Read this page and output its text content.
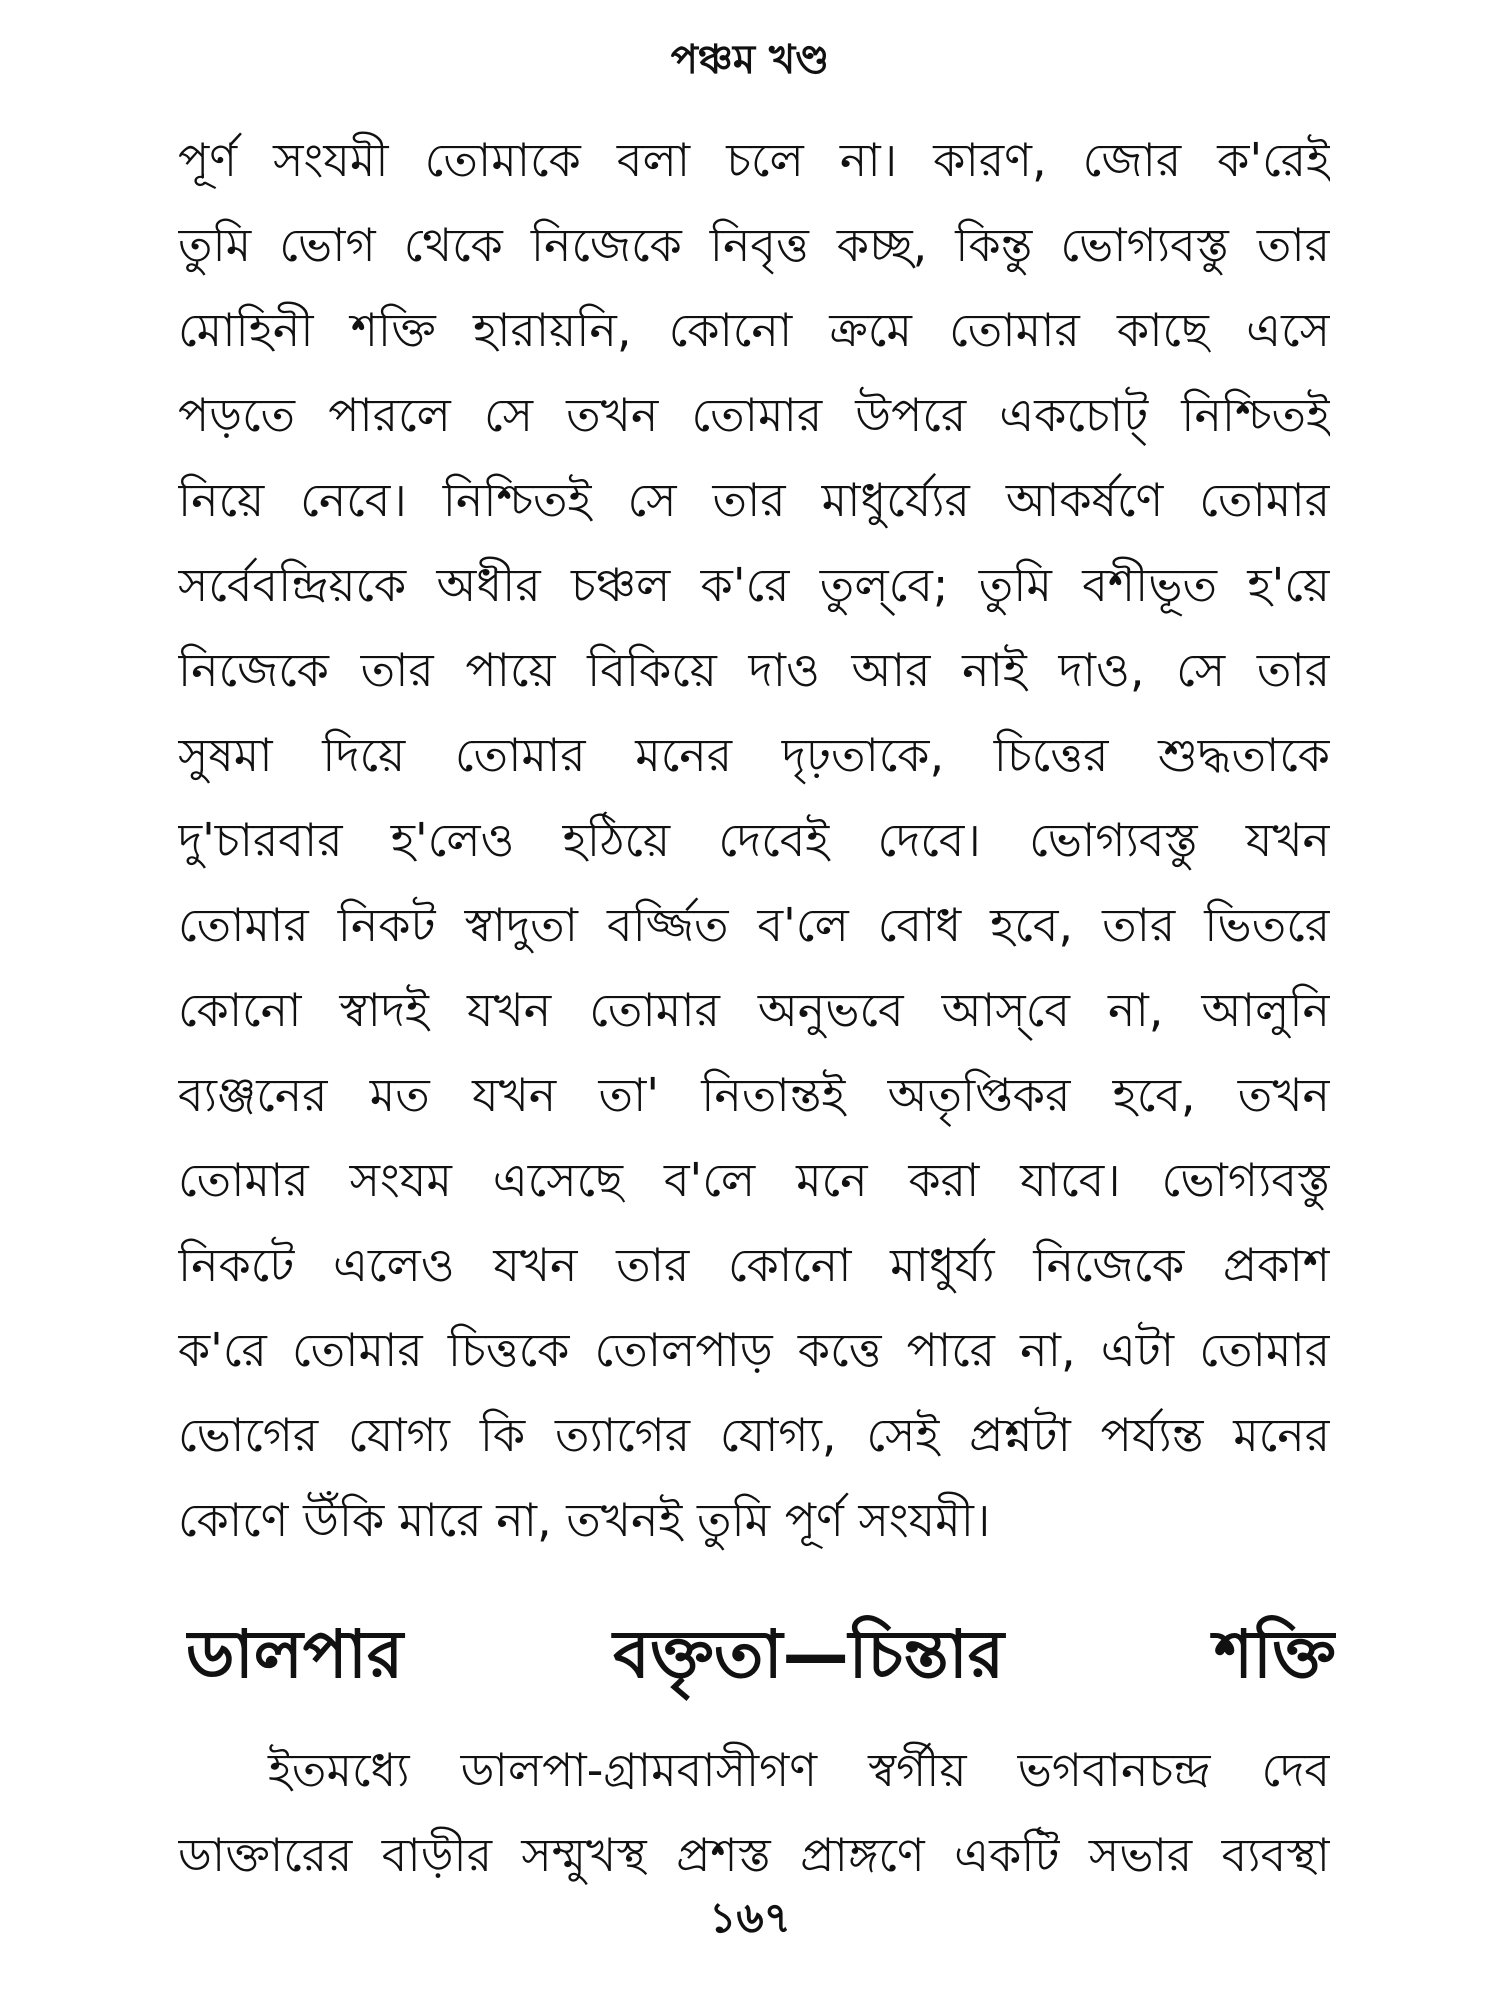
পঞ্চম খণ্ড
পূর্ণ সংযমী তোমাকে বলা চলে না। কারণ, জোর ক'রেই
তুমি ভোগ থেকে নিজেকে নিবৃত্ত কচ্ছ, কিন্তু ভোগ্যবস্তু তার
মোহিনী শক্তি হারায়নি, কোনো ক্রমে তোমার কাছে এসে
পড়তে পারলে সে তখন তোমার উপরে একচোট্ নিশ্চিতই
নিয়ে নেবে। নিশ্চিতই সে তার মাধুর্য্যের আকর্ষণে তোমার
সর্বেবন্দ্রিয়কে অধীর চঞ্চল ক'রে তুল্‌বে; তুমি বশীভূত হ'য়ে
নিজেকে তার পায়ে বিকিয়ে দাও আর নাই দাও, সে তার
সুষমা দিয়ে তোমার মনের দৃঢ়তাকে, চিত্তের শুদ্ধতাকে
দু'চারবার হ'লেও হঠিয়ে দেবেই দেবে। ভোগ্যবস্তু যখন
তোমার নিকট স্বাদুতা বর্জ্জিত ব'লে বোধ হবে, তার ভিতরে
কোনো স্বাদই যখন তোমার অনুভবে আস্‌বে না, আলুনি
ব্যঞ্জনের মত যখন তা' নিতান্তই অতৃপ্তিকর হবে, তখন
তোমার সংযম এসেছে ব'লে মনে করা যাবে। ভোগ্যবস্তু
নিকটে এলেও যখন তার কোনো মাধুর্য্য নিজেকে প্রকাশ
ক'রে তোমার চিত্তকে তোলপাড় কত্তে পারে না, এটা তোমার
ভোগের যোগ্য কি ত্যাগের যোগ্য, সেই প্রশ্নটা পর্য্যন্ত মনের
কোণে উঁকি মারে না, তখনই তুমি পূর্ণ সংযমী।
ডালপার বক্তৃতা—চিন্তার শক্তি
ইতমধ্যে ডালপা-গ্রামবাসীগণ স্বর্গীয় ভগবানচন্দ্র দেব
ডাক্তারের বাড়ীর সম্মুখস্থ প্রশস্ত প্রাঙ্গণে একটি সভার ব্যবস্থা
১৬৭
